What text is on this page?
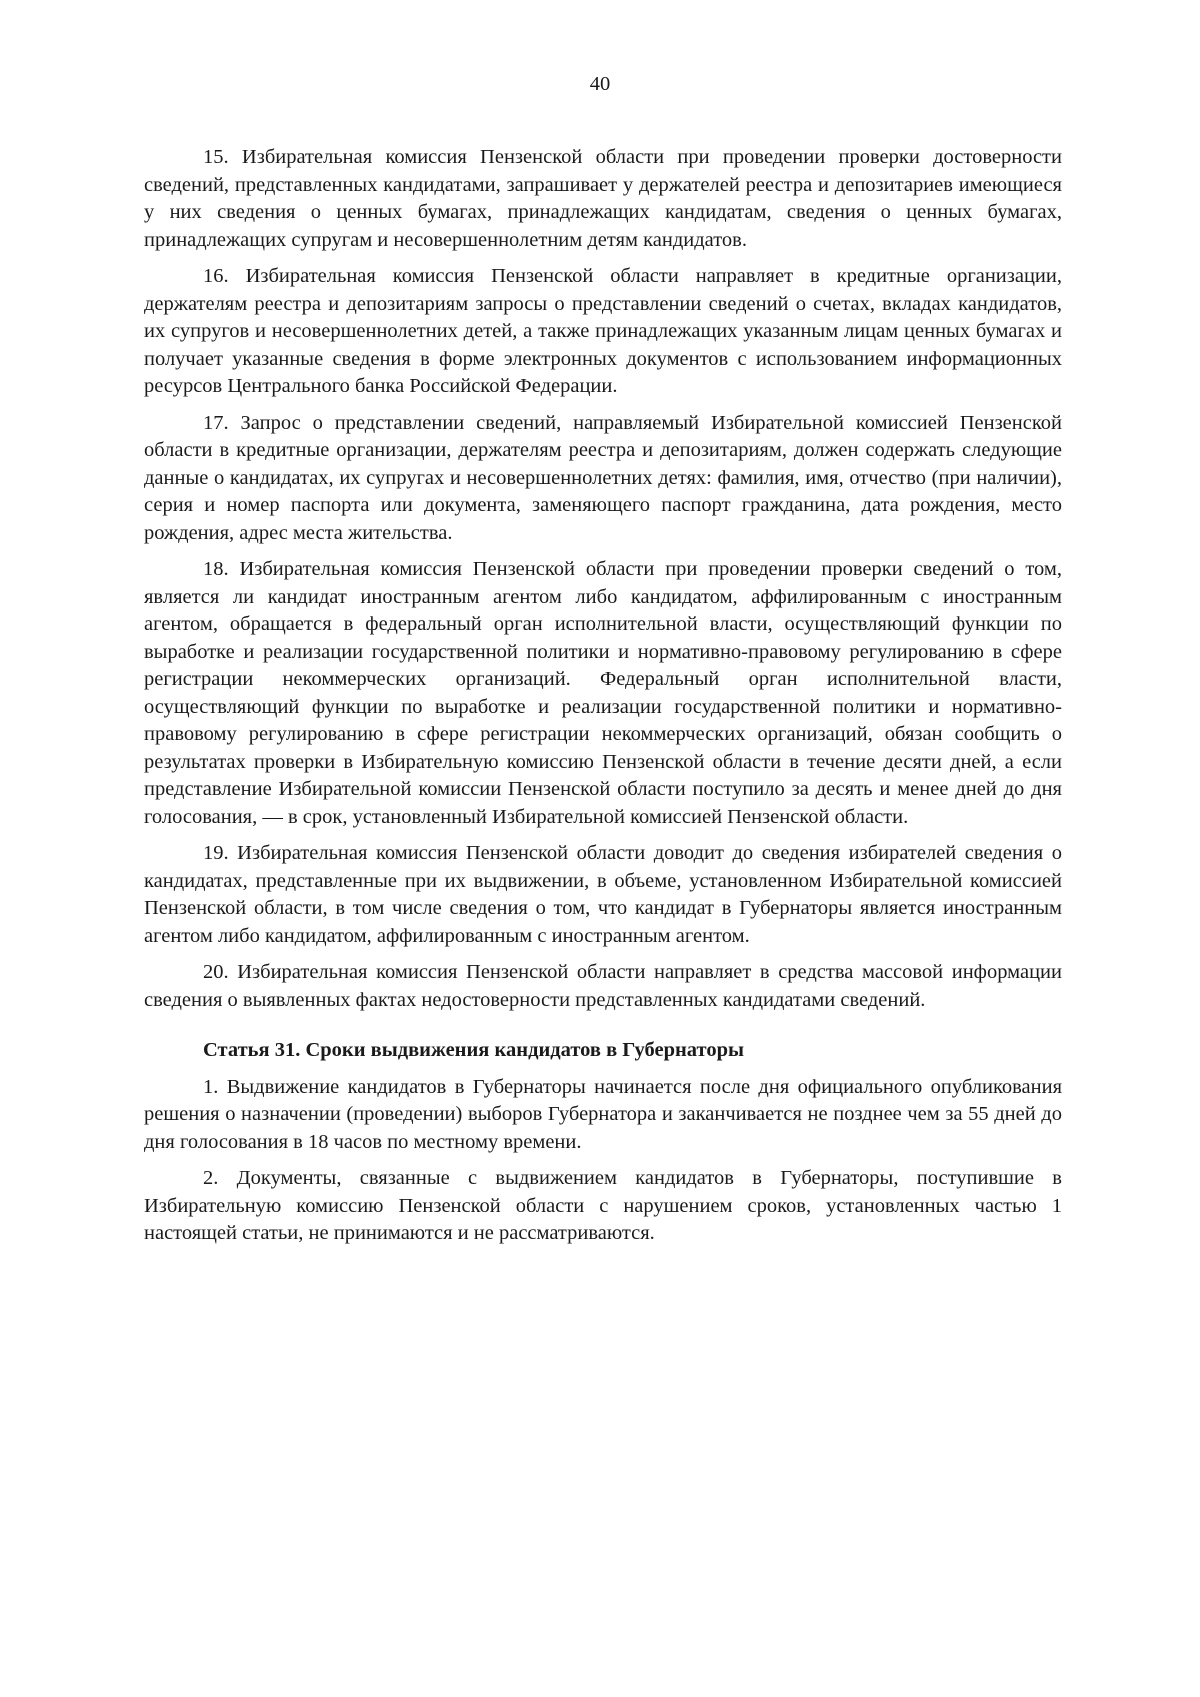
40

15. Избирательная комиссия Пензенской области при проведении проверки достоверности сведений, представленных кандидатами, запрашивает у держателей реестра и депозитариев имеющиеся у них сведения о ценных бумагах, принадлежащих кандидатам, сведения о ценных бумагах, принадлежащих супругам и несовершеннолетним детям кандидатов.

16. Избирательная комиссия Пензенской области направляет в кредитные организации, держателям реестра и депозитариям запросы о представлении сведений о счетах, вкладах кандидатов, их супругов и несовершеннолетних детей, а также принадлежащих указанным лицам ценных бумагах и получает указанные сведения в форме электронных документов с использованием информационных ресурсов Центрального банка Российской Федерации.

17. Запрос о представлении сведений, направляемый Избирательной комиссией Пензенской области в кредитные организации, держателям реестра и депозитариям, должен содержать следующие данные о кандидатах, их супругах и несовершеннолетних детях: фамилия, имя, отчество (при наличии), серия и номер паспорта или документа, заменяющего паспорт гражданина, дата рождения, место рождения, адрес места жительства.

18. Избирательная комиссия Пензенской области при проведении проверки сведений о том, является ли кандидат иностранным агентом либо кандидатом, аффилированным с иностранным агентом, обращается в федеральный орган исполнительной власти, осуществляющий функции по выработке и реализации государственной политики и нормативно-правовому регулированию в сфере регистрации некоммерческих организаций. Федеральный орган исполнительной власти, осуществляющий функции по выработке и реализации государственной политики и нормативно-правовому регулированию в сфере регистрации некоммерческих организаций, обязан сообщить о результатах проверки в Избирательную комиссию Пензенской области в течение десяти дней, а если представление Избирательной комиссии Пензенской области поступило за десять и менее дней до дня голосования, — в срок, установленный Избирательной комиссией Пензенской области.

19. Избирательная комиссия Пензенской области доводит до сведения избирателей сведения о кандидатах, представленные при их выдвижении, в объеме, установленном Избирательной комиссией Пензенской области, в том числе сведения о том, что кандидат в Губернаторы является иностранным агентом либо кандидатом, аффилированным с иностранным агентом.

20. Избирательная комиссия Пензенской области направляет в средства массовой информации сведения о выявленных фактах недостоверности представленных кандидатами сведений.

Статья 31. Сроки выдвижения кандидатов в Губернаторы

1. Выдвижение кандидатов в Губернаторы начинается после дня официального опубликования решения о назначении (проведении) выборов Губернатора и заканчивается не позднее чем за 55 дней до дня голосования в 18 часов по местному времени.

2. Документы, связанные с выдвижением кандидатов в Губернаторы, поступившие в Избирательную комиссию Пензенской области с нарушением сроков, установленных частью 1 настоящей статьи, не принимаются и не рассматриваются.
